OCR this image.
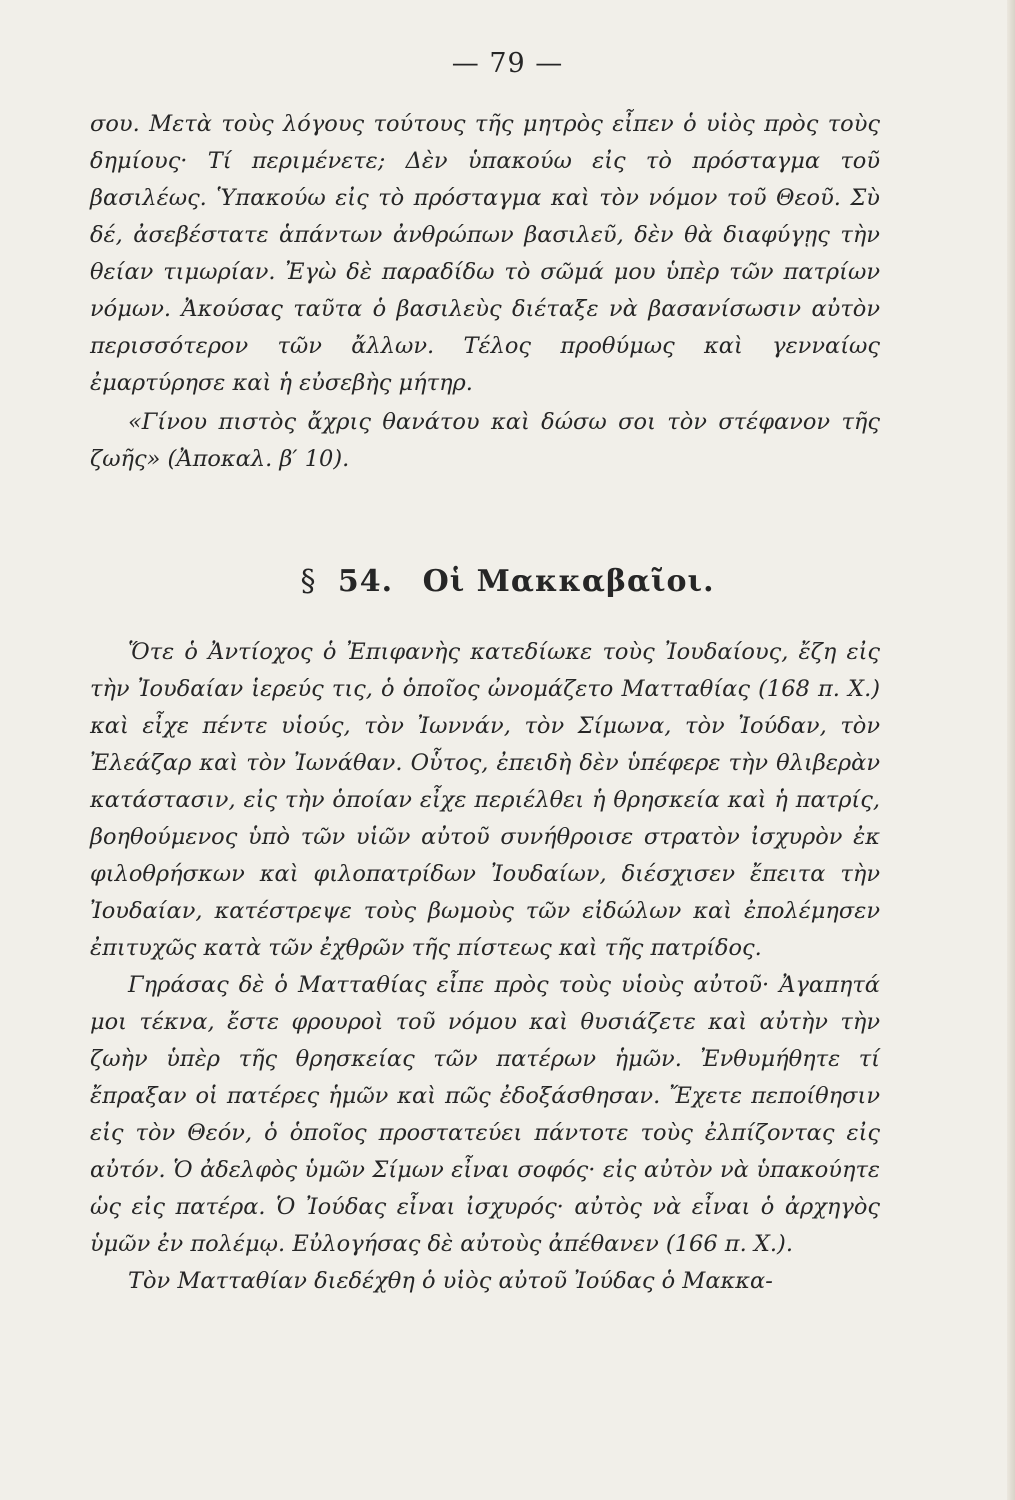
— 79 —
σου. Μετὰ τοὺς λόγους τούτους τῆς μητρὸς εἶπεν ὁ υἱὸς πρὸς τοὺς δημίους· Τί περιμένετε; Δὲν ὑπακούω εἰς τὸ πρόσταγμα τοῦ βασιλέως. Ὑπακούω εἰς τὸ πρόσταγμα καὶ τὸν νόμον τοῦ Θεοῦ. Σὺ δέ, ἀσεβέστατε ἁπάντων ἀνθρώπων βασιλεῦ, δὲν θὰ διαφύγῃς τὴν θείαν τιμωρίαν. Ἐγὼ δὲ παραδίδω τὸ σῶμά μου ὑπὲρ τῶν πατρίων νόμων. Ἀκούσας ταῦτα ὁ βασιλεὺς διέταξε νὰ βασανίσωσιν αὐτὸν περισσότερον τῶν ἄλλων. Τέλος προθύμως καὶ γενναίως ἐμαρτύρησε καὶ ἡ εὐσεβὴς μήτηρ.
«Γίνου πιστὸς ἄχρις θανάτου καὶ δώσω σοι τὸν στέφανον τῆς ζωῆς» (Ἀποκαλ. β′ 10).
§ 54. Οἱ Μακκαβαῖοι.

Ὅτε ὁ Ἀντίοχος ὁ Ἐπιφανὴς κατεδίωκε τοὺς Ἰουδαίους, ἔζη εἰς τὴν Ἰουδαίαν ἱερεύς τις, ὁ ὁποῖος ὠνομάζετο Ματταθίας (168 π. Χ.) καὶ εἶχε πέντε υἱούς, τὸν Ἰωννάν, τὸν Σίμωνα, τὸν Ἰούδαν, τὸν Ἐλεάζαρ καὶ τὸν Ἰωνάθαν. Οὗτος, ἐπειδὴ δὲν ὑπέφερε τὴν θλιβερὰν κατάστασιν, εἰς τὴν ὁποίαν εἶχε περιέλθει ἡ θρησκεία καὶ ἡ πατρίς, βοηθούμενος ὑπὸ τῶν υἱῶν αὐτοῦ συνήθροισε στρατὸν ἰσχυρὸν ἐκ φιλοθρήσκων καὶ φιλοπατρίδων Ἰουδαίων, διέσχισεν ἔπειτα τὴν Ἰουδαίαν, κατέστρεψε τοὺς βωμοὺς τῶν εἰδώλων καὶ ἐπολέμησεν ἐπιτυχῶς κατὰ τῶν ἐχθρῶν τῆς πίστεως καὶ τῆς πατρίδος.

Γηράσας δὲ ὁ Ματταθίας εἶπε πρὸς τοὺς υἱοὺς αὐτοῦ· Ἀγαπητά μοι τέκνα, ἔστε φρουροὶ τοῦ νόμου καὶ θυσιάζετε καὶ αὐτὴν τὴν ζωὴν ὑπὲρ τῆς θρησκείας τῶν πατέρων ἡμῶν. Ἐνθυμήθητε τί ἔπραξαν οἱ πατέρες ἡμῶν καὶ πῶς ἐδοξάσθησαν. Ἔχετε πεποίθησιν εἰς τὸν Θεόν, ὁ ὁποῖος προστατεύει πάντοτε τοὺς ἐλπίζοντας εἰς αὐτόν. Ὁ ἀδελφὸς ὑμῶν Σίμων εἶναι σοφός· εἰς αὐτὸν νὰ ὑπακούητε ὡς εἰς πατέρα. Ὁ Ἰούδας εἶναι ἰσχυρός· αὐτὸς νὰ εἶναι ὁ ἀρχηγὸς ὑμῶν ἐν πολέμῳ. Εὐλογήσας δὲ αὐτοὺς ἀπέθανεν (166 π. Χ.).

Τὸν Ματταθίαν διεδέχθη ὁ υἱὸς αὐτοῦ Ἰούδας ὁ Μακκα-
